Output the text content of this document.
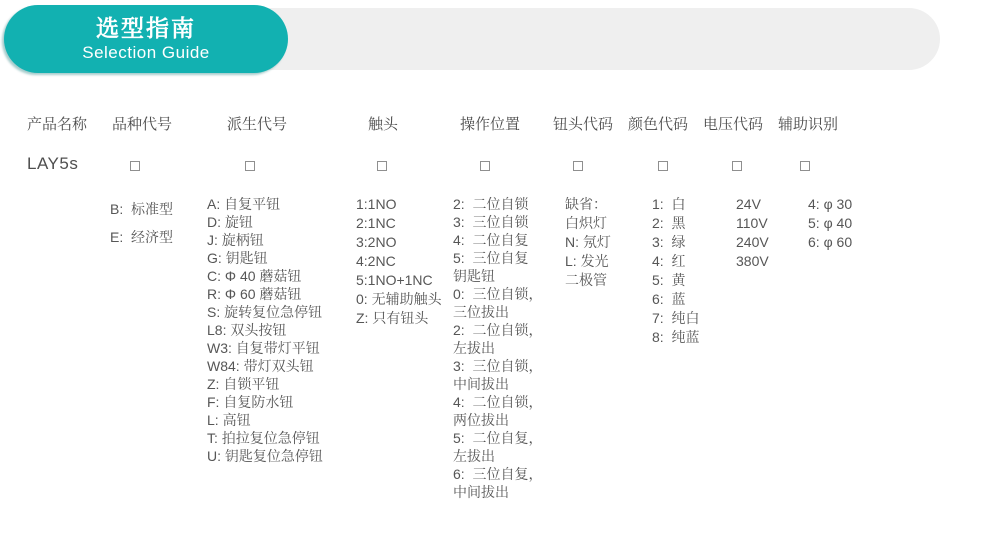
选型指南
Selection Guide
产品名称
LAY5s
品种代号
B:  标准型
E:  经济型
派生代号
A: 自复平钮
D: 旋钮
J: 旋柄钮
G: 钥匙钮
C: Φ 40 蘑菇钮
R: Φ 60 蘑菇钮
S: 旋转复位急停钮
L8: 双头按钮
W3: 自复带灯平钮
W84: 带灯双头钮
Z: 自锁平钮
F: 自复防水钮
L: 高钮
T: 拍拉复位急停钮
U: 钥匙复位急停钮
触头
1:1NO
2:1NC
3:2NO
4:2NC
5:1NO+1NC
0: 无辅助触头
Z: 只有钮头
操作位置
2:  二位自锁
3:  三位自锁
4:  二位自复
5:  三位自复
钥匙钮
0:  三位自锁，
三位拔出
2:  二位自锁，
左拔出
3:  三位自锁，
中间拔出
4:  二位自锁，
两位拔出
5:  二位自复，
左拔出
6:  三位自复，
中间拔出
钮头代码
缺省：
白炽灯
N: 氖灯
L: 发光
二极管
颜色代码
1:  白
2:  黑
3:  绿
4:  红
5:  黄
6:  蓝
7:  纯白
8:  纯蓝
电压代码
24V
110V
240V
380V
辅助识别
4: φ 30
5: φ 40
6: φ 60
